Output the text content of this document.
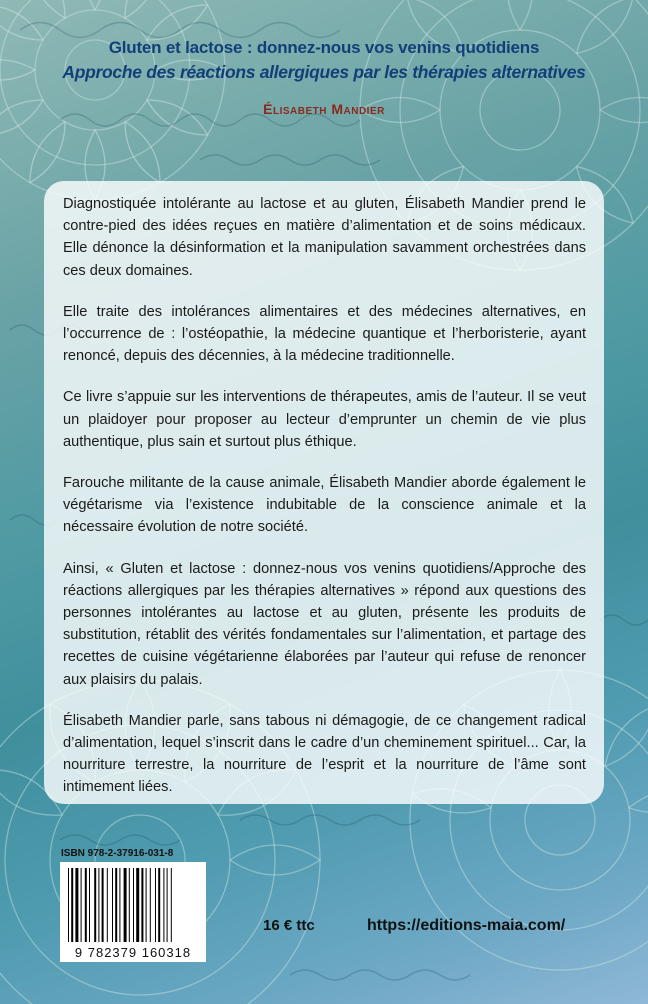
Gluten et lactose : donnez-nous vos venins quotidiens
Approche des réactions allergiques par les thérapies alternatives
Élisabeth Mandier

Diagnostiquée intolérante au lactose et au gluten, Élisabeth Mandier prend le contre-pied des idées reçues en matière d’alimentation et de soins médicaux. Elle dénonce la désinformation et la manipulation savamment orchestrées dans ces deux domaines.

Elle traite des intolérances alimentaires et des médecines alternatives, en l’occurrence de : l’ostéopathie, la médecine quantique et l’herboristerie, ayant renoncé, depuis des décennies, à la médecine traditionnelle.

Ce livre s’appuie sur les interventions de thérapeutes, amis de l’auteur. Il se veut un plaidoyer pour proposer au lecteur d’emprunter un chemin de vie plus authentique, plus sain et surtout plus éthique.

Farouche militante de la cause animale, Élisabeth Mandier aborde également le végétarisme via l’existence indubitable de la conscience animale et la nécessaire évolution de notre société.

Ainsi, « Gluten et lactose : donnez-nous vos venins quotidiens/Approche des réactions allergiques par les thérapies alternatives » répond aux questions des personnes intolérantes au lactose et au gluten, présente les produits de substitution, rétablit des vérités fondamentales sur l’alimentation, et partage des recettes de cuisine végétarienne élaborées par l’auteur qui refuse de renoncer aux plaisirs du palais.

Élisabeth Mandier parle, sans tabous ni démagogie, de ce changement radical d’alimentation, lequel s’inscrit dans le cadre d’un cheminement spirituel... Car, la nourriture terrestre, la nourriture de l’esprit et la nourriture de l’âme sont intimement liées.

ISBN 978-2-37916-031-8
9 782379 160318
16 € ttc	https://editions-maia.com/
